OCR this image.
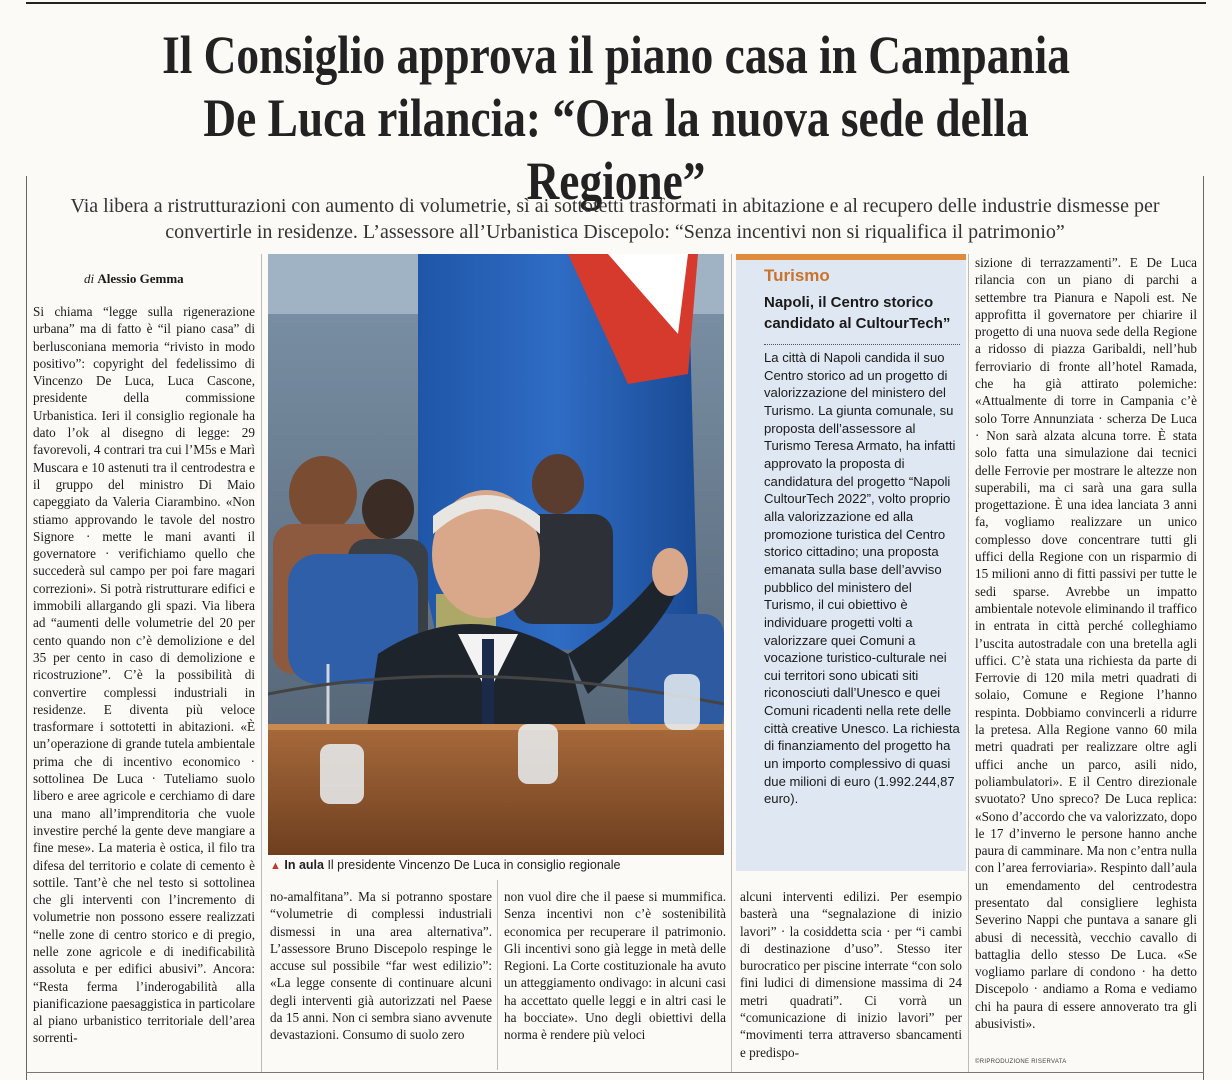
Il Consiglio approva il piano casa in Campania
De Luca rilancia: “Ora la nuova sede della Regione”

Via libera a ristrutturazioni con aumento di volumetrie, sì ai sottotetti trasformati in abitazione e al recupero delle industrie dismesse per convertirle in residenze. L’assessore all’Urbanistica Discepolo: “Senza incentivi non si riqualifica il patrimonio”

di Alessio Gemma

Si chiama “legge sulla rigenerazione urbana” ma di fatto è “il piano casa” di berlusconiana memoria “rivisto in modo positivo”: copyright del fedelissimo di Vincenzo De Luca, Luca Cascone, presidente della commissione Urbanistica. Ieri il consiglio regionale ha dato l’ok al disegno di legge: 29 favorevoli, 4 contrari tra cui l’M5s e Marì Muscara e 10 astenuti tra il centrodestra e il gruppo del ministro Di Maio capeggiato da Valeria Ciarambino. «Non stiamo approvando le tavole del nostro Signore · mette le mani avanti il governatore · verifichiamo quello che succederà sul campo per poi fare magari correzioni». Si potrà ristrutturare edifici e immobili allargando gli spazi. Via libera ad “aumenti delle volumetrie del 20 per cento quando non c’è demolizione e del 35 per cento in caso di demolizione e ricostruzione”. C’è la possibilità di convertire complessi industriali in residenze. E diventa più veloce trasformare i sottotetti in abitazioni. «È un’operazione di grande tutela ambientale prima che di incentivo economico · sottolinea De Luca · Tuteliamo suolo libero e aree agricole e cerchiamo di dare una mano all’imprenditoria che vuole investire perché la gente deve mangiare a fine mese». La materia è ostica, il filo tra difesa del territorio e colate di cemento è sottile. Tant’è che nel testo si sottolinea che gli interventi con l’incremento di volumetrie non possono essere realizzati “nelle zone di centro storico e di pregio, nelle zone agricole e di inedificabilità assoluta e per edifici abusivi”. Ancora: “Resta ferma l’inderogabilità alla pianificazione paesaggistica in particolare al piano urbanistico territoriale dell’area sorrenti-

▲ In aula Il presidente Vincenzo De Luca in consiglio regionale

no-amalfitana”. Ma si potranno spostare “volumetrie di complessi industriali dismessi in una area alternativa”. L’assessore Bruno Discepolo respinge le accuse sul possibile “far west edilizio”: «La legge consente di continuare alcuni degli interventi già autorizzati nel Paese da 15 anni. Non ci sembra siano avvenute devastazioni. Consumo di suolo zero

non vuol dire che il paese si mummifica. Senza incentivi non c’è sostenibilità economica per recuperare il patrimonio. Gli incentivi sono già legge in metà delle Regioni. La Corte costituzionale ha avuto un atteggiamento ondivago: in alcuni casi ha accettato quelle leggi e in altri casi le ha bocciate». Uno degli obiettivi della norma è rendere più veloci

Turismo

Napoli, il Centro storico candidato al CultourTech”

La città di Napoli candida il suo Centro storico ad un progetto di valorizzazione del ministero del Turismo. La giunta comunale, su proposta dell’assessore al Turismo Teresa Armato, ha infatti approvato la proposta di candidatura del progetto “Napoli CultourTech 2022”, volto proprio alla valorizzazione ed alla promozione turistica del Centro storico cittadino; una proposta emanata sulla base dell’avviso pubblico del ministero del Turismo, il cui obiettivo è individuare progetti volti a valorizzare quei Comuni a vocazione turistico-culturale nei cui territori sono ubicati siti riconosciuti dall’Unesco e quei Comuni ricadenti nella rete delle città creative Unesco. La richiesta di finanziamento del progetto ha un importo complessivo di quasi due milioni di euro (1.992.244,87 euro).

alcuni interventi edilizi. Per esempio basterà una “segnalazione di inizio lavori” · la cosiddetta scia · per “i cambi di destinazione d’uso”. Stesso iter burocratico per piscine interrate “con solo fini ludici di dimensione massima di 24 metri quadrati”. Ci vorrà un “comunicazione di inizio lavori” per “movimenti terra attraverso sbancamenti e predispo-

sizione di terrazzamenti”. E De Luca rilancia con un piano di parchi a settembre tra Pianura e Napoli est. Ne approfitta il governatore per chiarire il progetto di una nuova sede della Regione a ridosso di piazza Garibaldi, nell’hub ferroviario di fronte all’hotel Ramada, che ha già attirato polemiche: «Attualmente di torre in Campania c’è solo Torre Annunziata · scherza De Luca · Non sarà alzata alcuna torre. È stata solo fatta una simulazione dai tecnici delle Ferrovie per mostrare le altezze non superabili, ma ci sarà una gara sulla progettazione. È una idea lanciata 3 anni fa, vogliamo realizzare un unico complesso dove concentrare tutti gli uffici della Regione con un risparmio di 15 milioni anno di fitti passivi per tutte le sedi sparse. Avrebbe un impatto ambientale notevole eliminando il traffico in entrata in città perché colleghiamo l’uscita autostradale con una bretella agli uffici. C’è stata una richiesta da parte di Ferrovie di 120 mila metri quadrati di solaio, Comune e Regione l’hanno respinta. Dobbiamo convincerli a ridurre la pretesa. Alla Regione vanno 60 mila metri quadrati per realizzare oltre agli uffici anche un parco, asili nido, poliambulatori». E il Centro direzionale svuotato? Uno spreco? De Luca replica: «Sono d’accordo che va valorizzato, dopo le 17 d’inverno le persone hanno anche paura di camminare. Ma non c’entra nulla con l’area ferroviaria». Respinto dall’aula un emendamento del centrodestra presentato dal consigliere leghista Severino Nappi che puntava a sanare gli abusi di necessità, vecchio cavallo di battaglia dello stesso De Luca. «Se vogliamo parlare di condono · ha detto Discepolo · andiamo a Roma e vediamo chi ha paura di essere annoverato tra gli abusivisti».

©RIPRODUZIONE RISERVATA
